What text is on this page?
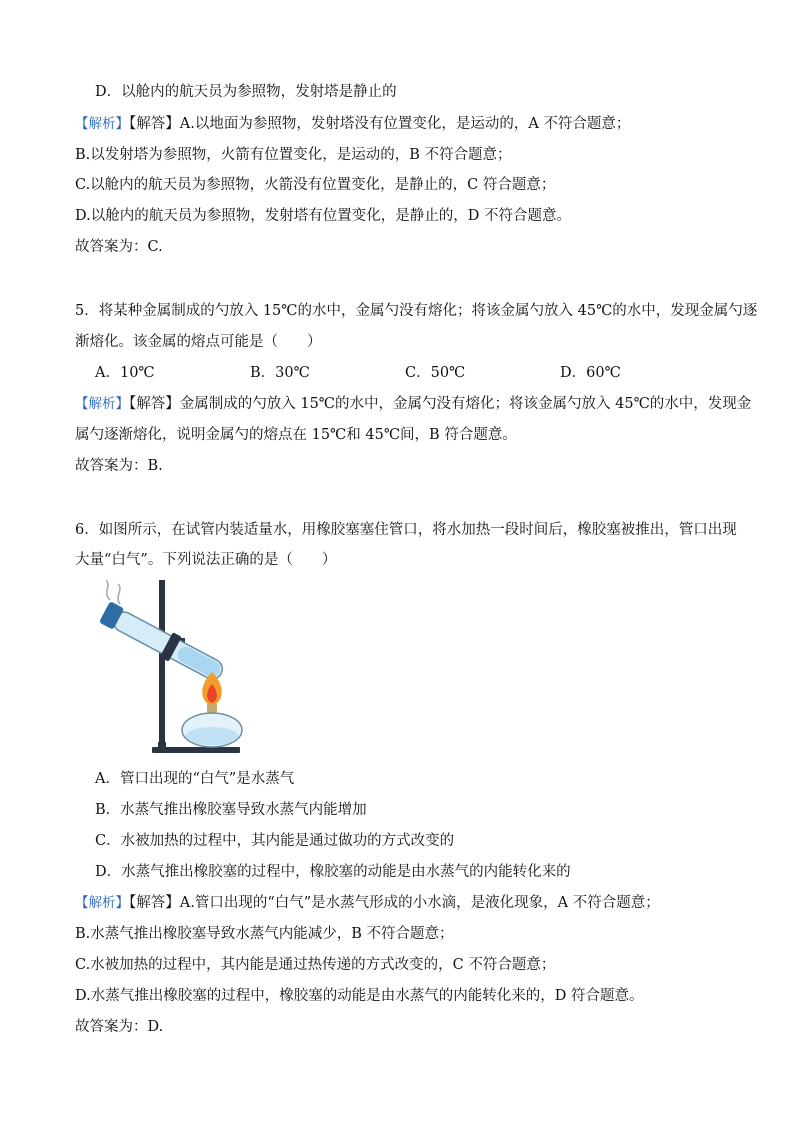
D．以舱内的航天员为参照物，发射塔是静止的
【解析】【解答】A.以地面为参照物，发射塔没有位置变化，是运动的，A 不符合题意；
B.以发射塔为参照物，火箭有位置变化，是运动的，B 不符合题意；
C.以舱内的航天员为参照物，火箭没有位置变化，是静止的，C 符合题意；
D.以舱内的航天员为参照物，发射塔有位置变化，是静止的，D 不符合题意。
故答案为：C.
5．将某种金属制成的勺放入 15℃的水中，金属勺没有熔化；将该金属勺放入 45℃的水中，发现金属勺逐
渐熔化。该金属的熔点可能是（　　）
A．10℃	B．30℃	C．50℃	D．60℃
【解析】【解答】金属制成的勺放入 15℃的水中，金属勺没有熔化；将该金属勺放入 45℃的水中，发现金
属勺逐渐熔化，说明金属勺的熔点在 15℃和 45℃间，B 符合题意。
故答案为：B.
6．如图所示，在试管内装适量水，用橡胶塞塞住管口，将水加热一段时间后，橡胶塞被推出，管口出现
大量“白气”。下列说法正确的是（　　）
A．管口出现的“白气”是水蒸气
B．水蒸气推出橡胶塞导致水蒸气内能增加
C．水被加热的过程中，其内能是通过做功的方式改变的
D．水蒸气推出橡胶塞的过程中，橡胶塞的动能是由水蒸气的内能转化来的
【解析】【解答】A.管口出现的“白气”是水蒸气形成的小水滴，是液化现象，A 不符合题意；
B.水蒸气推出橡胶塞导致水蒸气内能减少，B 不符合题意；
C.水被加热的过程中，其内能是通过热传递的方式改变的，C 不符合题意；
D.水蒸气推出橡胶塞的过程中，橡胶塞的动能是由水蒸气的内能转化来的，D 符合题意。
故答案为：D.
